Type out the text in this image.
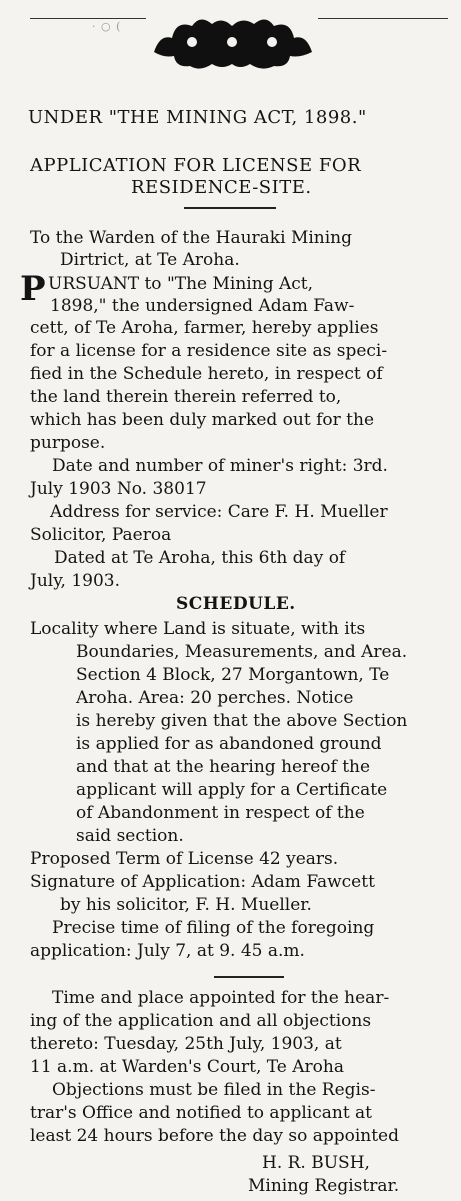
· ○ (
UNDER "THE MINING ACT, 1898."
APPLICATION FOR LICENSE FOR
RESIDENCE-SITE.
To the Warden of the Hauraki Mining
Dirtrict, at Te Aroha.
P URSUANT to "The Mining Act,
1898," the undersigned Adam Faw-
cett, of Te Aroha, farmer, hereby applies
for a license for a residence site as speci-
fied in the Schedule hereto, in respect of
the land therein therein referred to,
which has been duly marked out for the
purpose.
Date and number of miner's right: 3rd.
July 1903 No. 38017
Address for service: Care F. H. Mueller
Solicitor, Paeroa
Dated at Te Aroha, this 6th day of
July, 1903.
SCHEDULE.
Locality where Land is situate, with its
Boundaries, Measurements, and Area.
Section 4 Block, 27 Morgantown, Te
Aroha. Area: 20 perches. Notice
is hereby given that the above Section
is applied for as abandoned ground
and that at the hearing hereof the
applicant will apply for a Certificate
of Abandonment in respect of the
said section.
Proposed Term of License 42 years.
Signature of Application: Adam Fawcett
by his solicitor, F. H. Mueller.
Precise time of filing of the foregoing
application: July 7, at 9. 45 a.m.
Time and place appointed for the hear-
ing of the application and all objections
thereto: Tuesday, 25th July, 1903, at
11 a.m. at Warden's Court, Te Aroha
Objections must be filed in the Regis-
trar's Office and notified to applicant at
least 24 hours before the day so appointed
H. R. BUSH,
Mining Registrar.
